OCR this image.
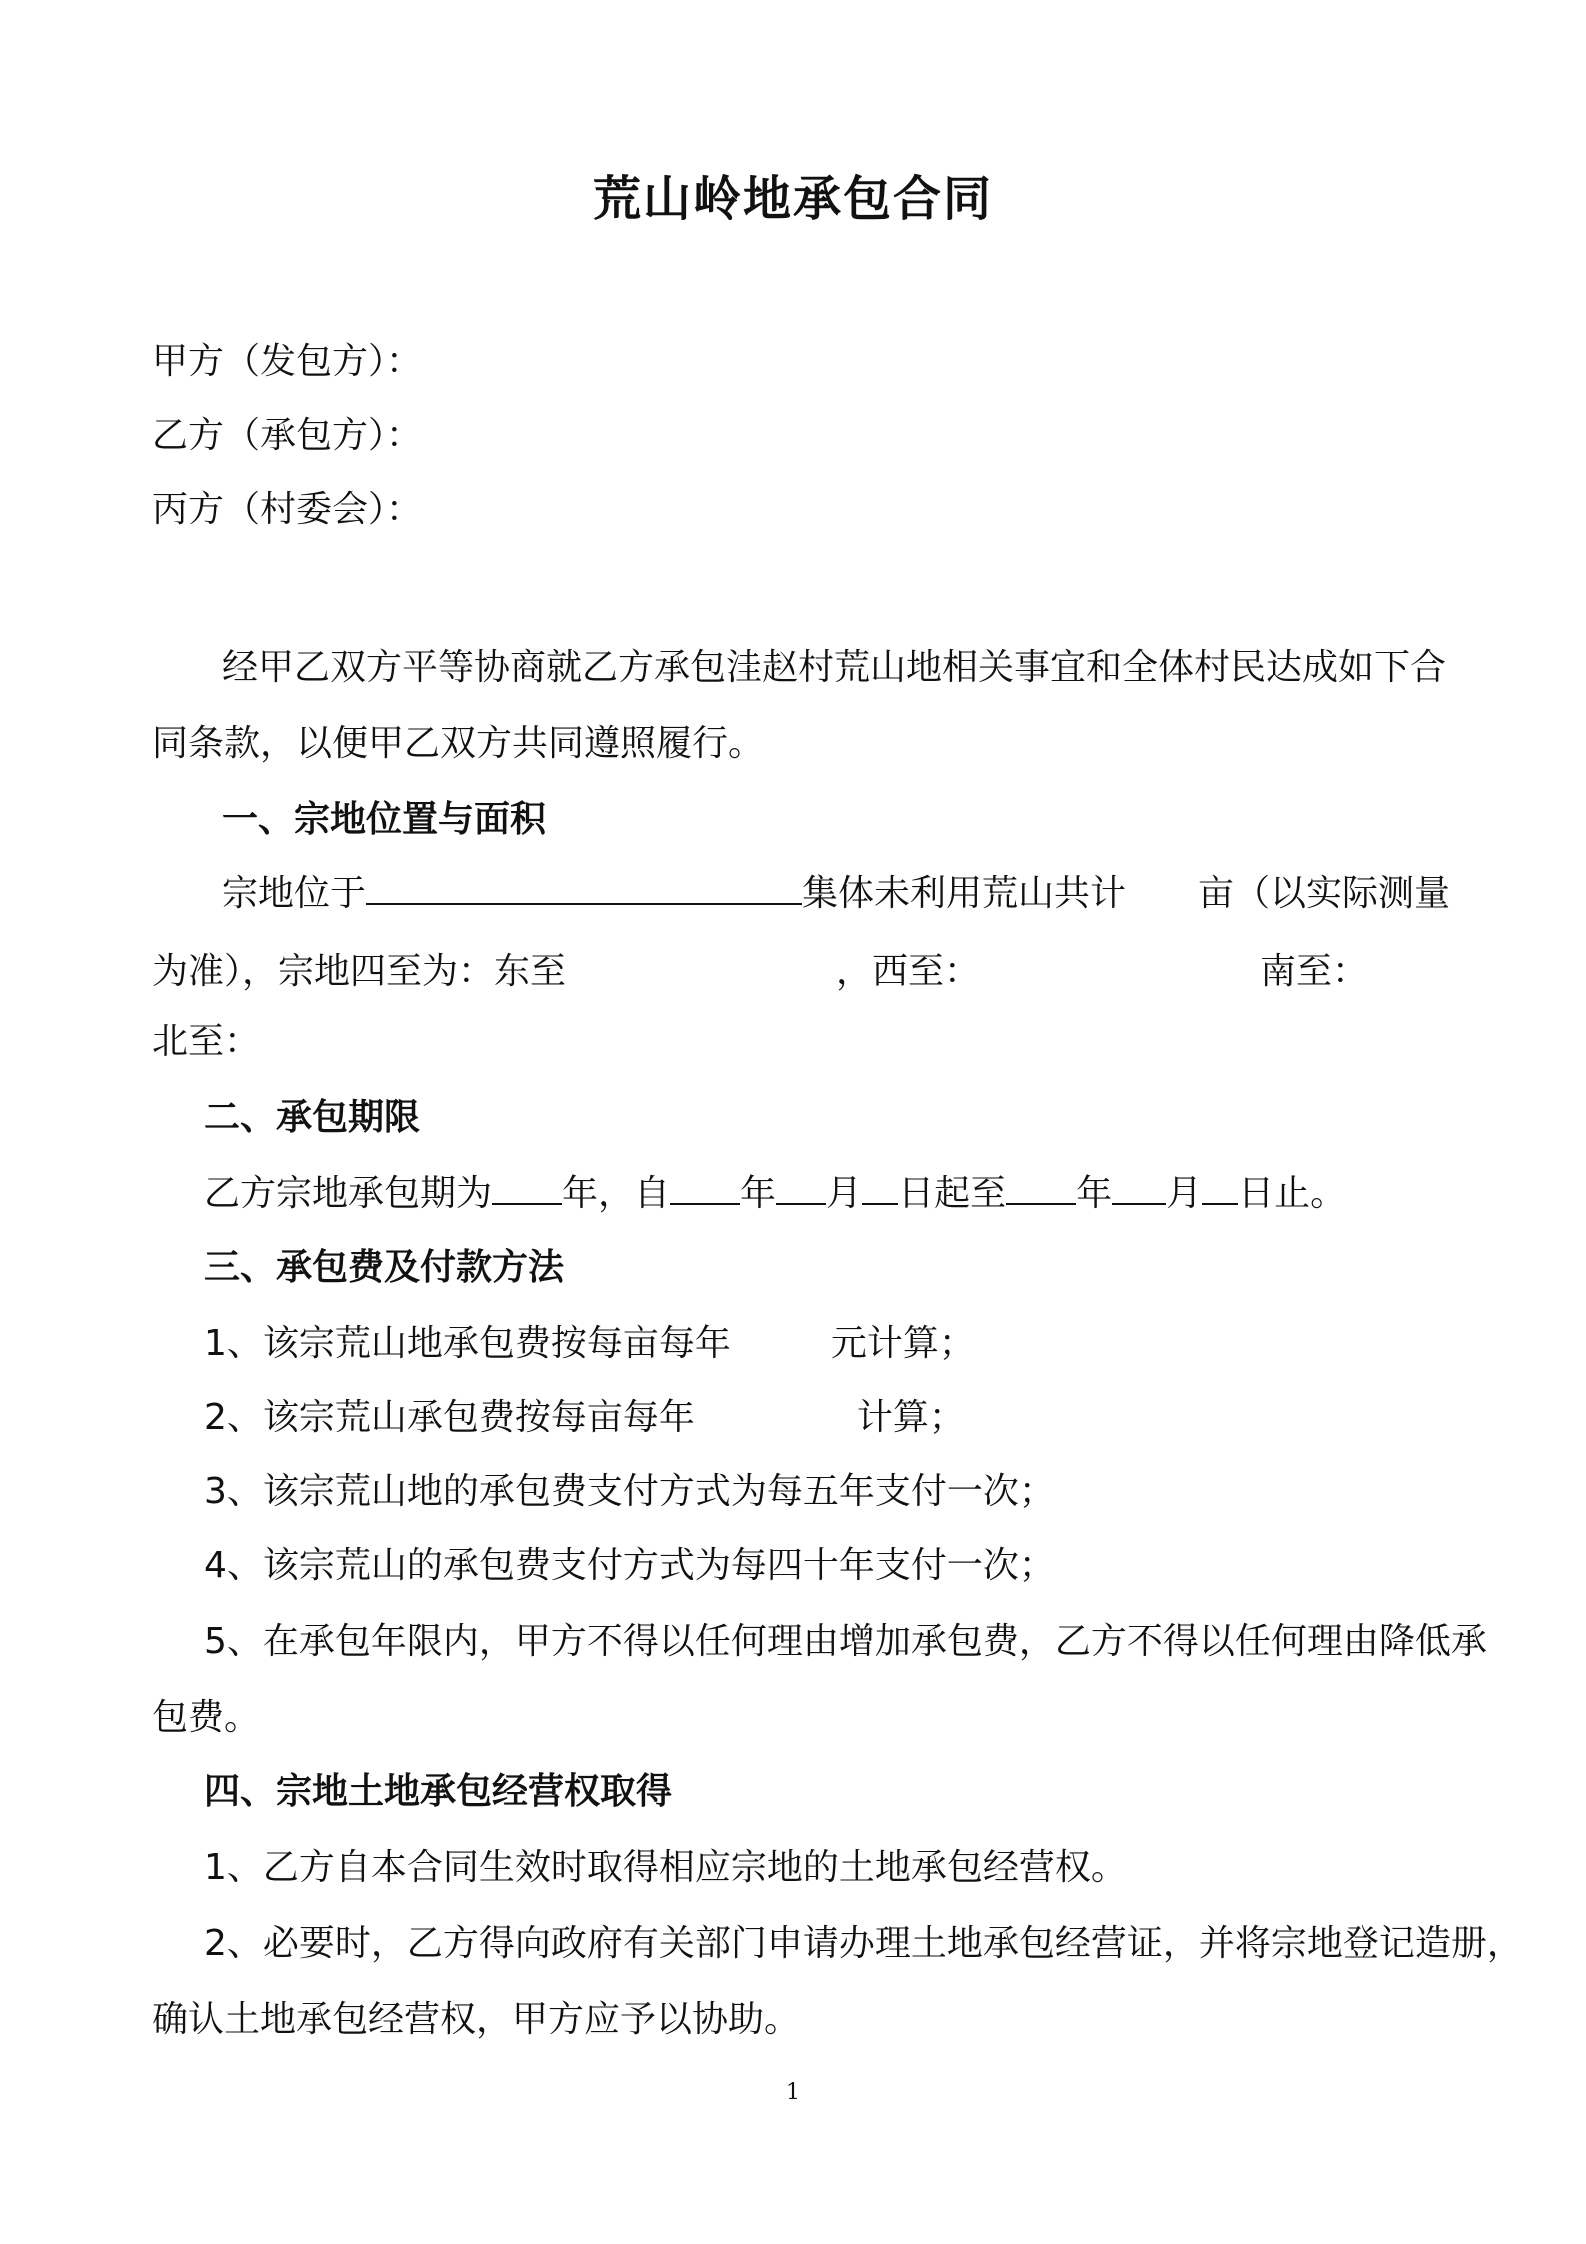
荒山岭地承包合同
甲方（发包方）：
乙方（承包方）：
丙方（村委会）：
经甲乙双方平等协商就乙方承包洼赵村荒山地相关事宜和全体村民达成如下合
同条款，以便甲乙双方共同遵照履行。
一、宗地位置与面积
宗地位于	集体未利用荒山共计 亩（以实际测量
为准），宗地四至为：东至	，西至：	南至：
北至：
二、承包期限
乙方宗地承包期为 年，自 年 月 日起至 年 月 日止。
三、承包费及付款方法
1、该宗荒山地承包费按每亩每年	元计算；
2、该宗荒山承包费按每亩每年	计算；
3、该宗荒山地的承包费支付方式为每五年支付一次；
4、该宗荒山的承包费支付方式为每四十年支付一次；
5、在承包年限内，甲方不得以任何理由增加承包费，乙方不得以任何理由降低承
包费。
四、宗地土地承包经营权取得
1、乙方自本合同生效时取得相应宗地的土地承包经营权。
2、必要时，乙方得向政府有关部门申请办理土地承包经营证，并将宗地登记造册，
确认土地承包经营权，甲方应予以协助。
1
